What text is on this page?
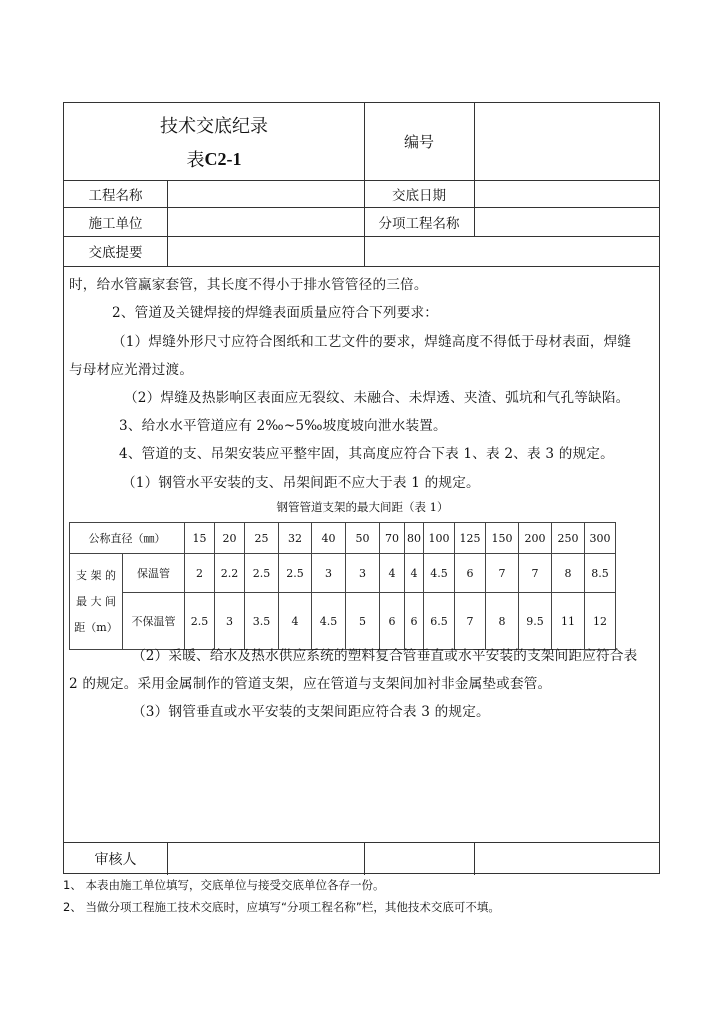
技术交底纪录
表 C2-1
编号
工程名称	交底日期
施工单位	分项工程名称
交底提要
时，给水管赢家套管，其长度不得小于排水管管径的三倍。
2、管道及关键焊接的焊缝表面质量应符合下列要求：
（1）焊缝外形尺寸应符合图纸和工艺文件的要求，焊缝高度不得低于母材表面，焊缝
与母材应光滑过渡。
（2）焊缝及热影响区表面应无裂纹、未融合、未焊透、夹渣、弧坑和气孔等缺陷。
3、给水水平管道应有 2‰~5‰坡度坡向泄水装置。
4、管道的支、吊架安装应平整牢固，其高度应符合下表 1、表 2、表 3 的规定。
（1）钢管水平安装的支、吊架间距不应大于表 1 的规定。
钢管管道支架的最大间距（表 1）
公称直径（㎜）		15	20	25	32	40	50	70	80	100	125	150	200	250	300

支 架 的
最 大 间
距（m）	保温管	2	2.2	2.5	2.5	3	3	4	4	4.5	6	7	7	8	8.5
	不保温管	2.5	3	3.5	4	4.5	5	6	6	6.5	7	8	9.5	11	12
（2）采暖、给水及热水供应系统的塑料复合管垂直或水平安装的支架间距应符合表
2 的规定。采用金属制作的管道支架，应在管道与支架间加衬非金属垫或套管。
（3）钢管垂直或水平安装的支架间距应符合表 3 的规定。
审核人
1、 本表由施工单位填写，交底单位与接受交底单位各存一份。
2、 当做分项工程施工技术交底时，应填写“分项工程名称”栏，其他技术交底可不填。
